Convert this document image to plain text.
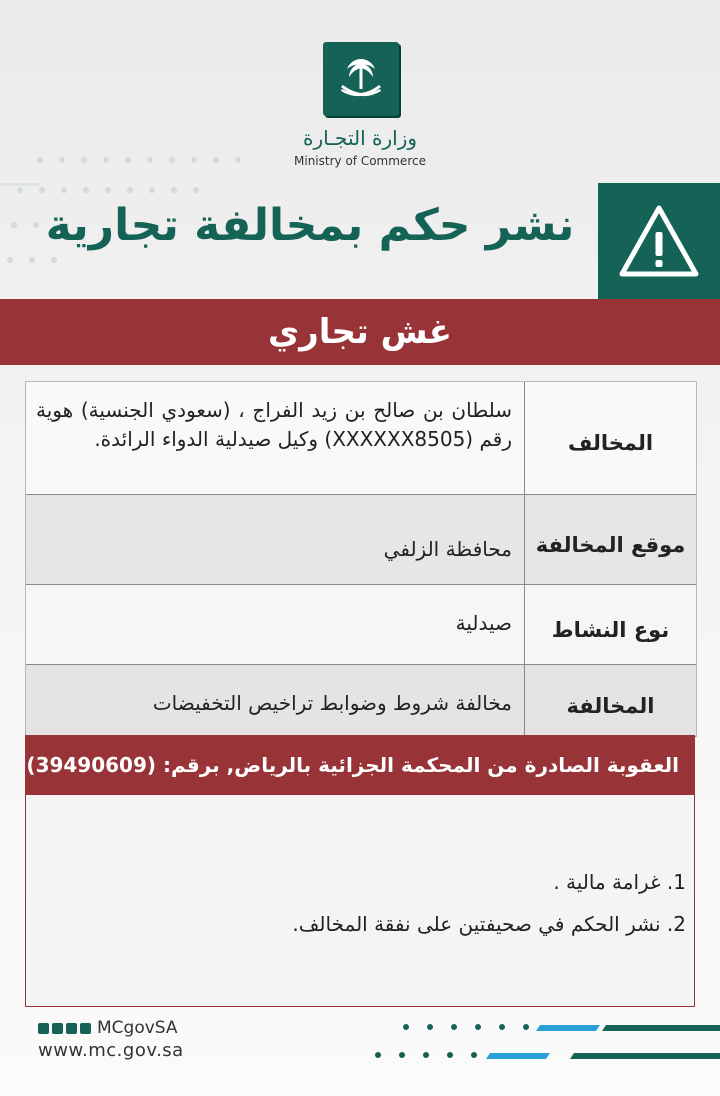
وزارة التجـارة
Ministry of Commerce
نشر حكم بمخالفة تجارية
غش تجاري
المخالف
سلطان بن صالح بن زيد الفراج ، (سعودي الجنسية) هوية رقم (XXXXXX8505) وكيل صيدلية الدواء الرائدة.
موقع المخالفة
محافظة الزلفي
نوع النشاط
صيدلية
المخالفة
مخالفة شروط وضوابط تراخيص التخفيضات
العقوبة الصادرة من المحكمة الجزائية بالرياض, برقم: (39490609)
1. غرامة مالية .
2. نشر الحكم في صحيفتين على نفقة المخالف.
MCgovSA
www.mc.gov.sa
